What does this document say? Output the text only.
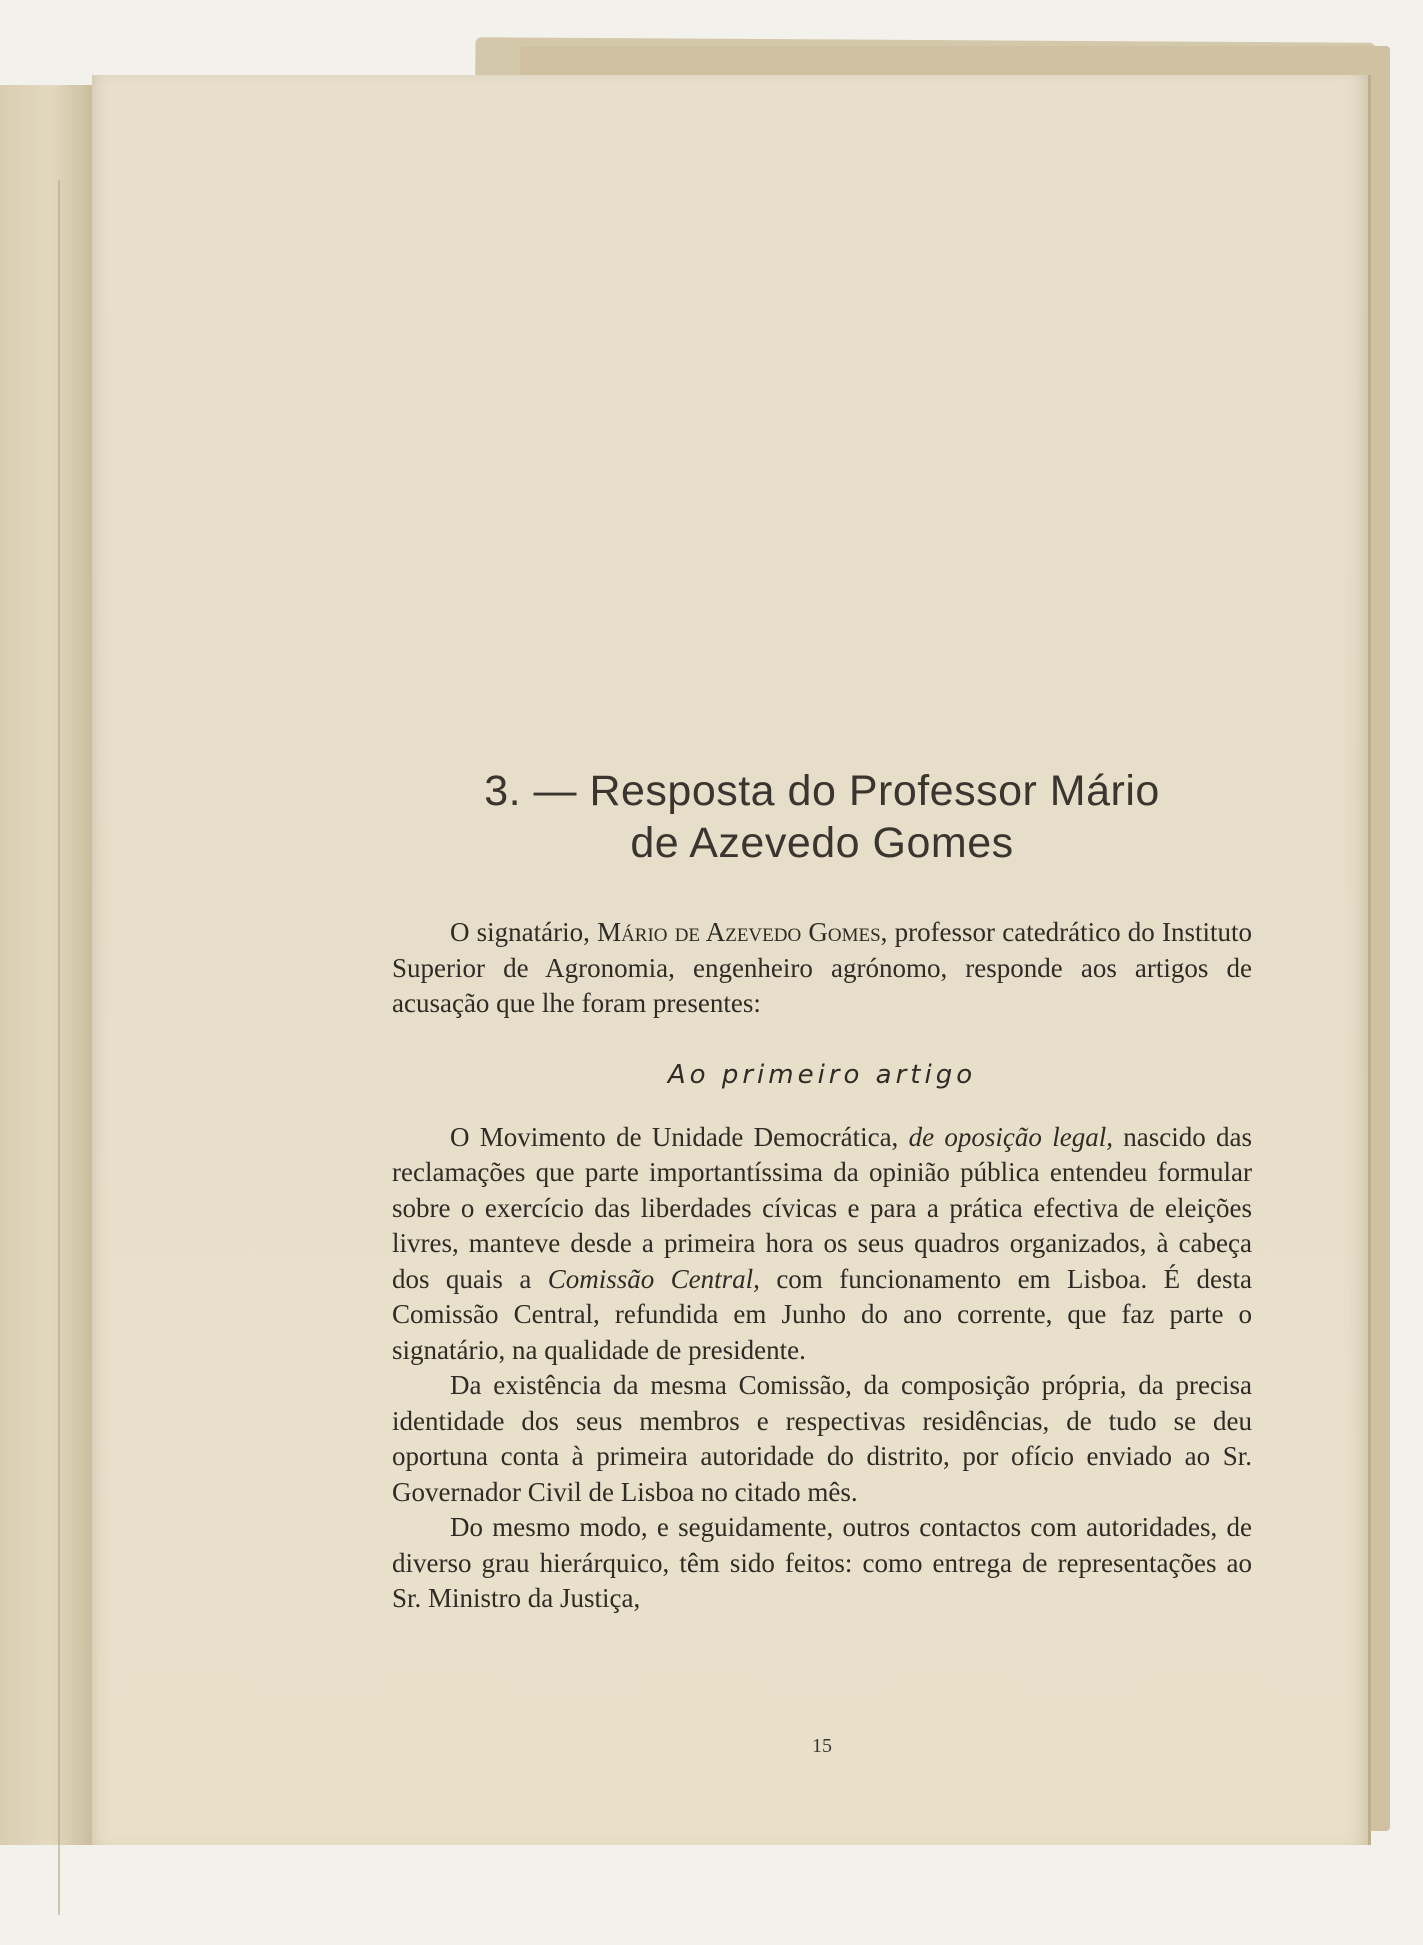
3. — Resposta do Professor Mário
de Azevedo Gomes

O signatário, Mário de Azevedo Gomes, professor catedrático do Instituto Superior de Agronomia, engenheiro agrónomo, responde aos artigos de acusação que lhe foram presentes:

Ao primeiro artigo

O Movimento de Unidade Democrática, de oposição legal, nascido das reclamações que parte importantíssima da opinião pública entendeu formular sobre o exercício das liberdades cívicas e para a prática efectiva de eleições livres, manteve desde a primeira hora os seus quadros organizados, à cabeça dos quais a Comissão Central, com funcionamento em Lisboa. É desta Comissão Central, refundida em Junho do ano corrente, que faz parte o signatário, na qualidade de presidente.

Da existência da mesma Comissão, da composição própria, da precisa identidade dos seus membros e respectivas residências, de tudo se deu oportuna conta à primeira autoridade do distrito, por ofício enviado ao Sr. Governador Civil de Lisboa no citado mês.

Do mesmo modo, e seguidamente, outros contactos com autoridades, de diverso grau hierárquico, têm sido feitos: como entrega de representações ao Sr. Ministro da Justiça,

15
